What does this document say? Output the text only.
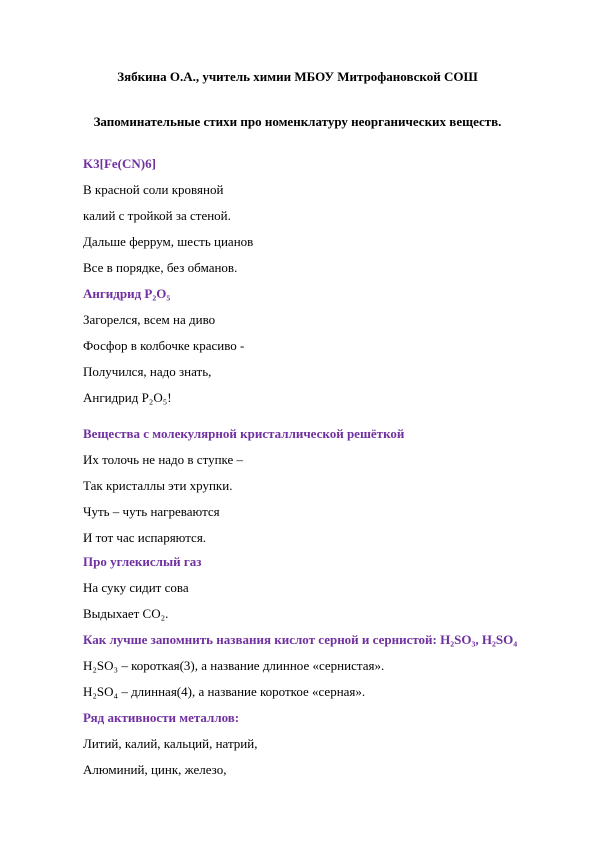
Зябкина О.А., учитель химии МБОУ Митрофановской СОШ
Запоминательные стихи про номенклатуру неорганических веществ.
K3[Fe(CN)6]
В красной соли кровяной
калий с тройкой за стеной.
Дальше феррум, шесть цианов
Все в порядке, без обманов.
Ангидрид P₂O₅
Загорелся, всем на диво
Фосфор в колбочке красиво -
Получился, надо знать,
Ангидрид P₂O₅!
Вещества с молекулярной кристаллической решёткой
Их толочь не надо в ступке –
Так кристаллы эти хрупки.
Чуть – чуть нагреваются
И тот час испаряются.
Про углекислый газ
На суку сидит сова
Выдыхает CO₂.
Как лучше запомнить названия кислот серной и сернистой: H₂SO₃, H₂SO₄
H₂SO₃ – короткая(3), а название длинное «сернистая».
H₂SO₄ – длинная(4), а название короткое «серная».
Ряд активности металлов:
Литий, калий, кальций, натрий,
Алюминий, цинк, железо,
